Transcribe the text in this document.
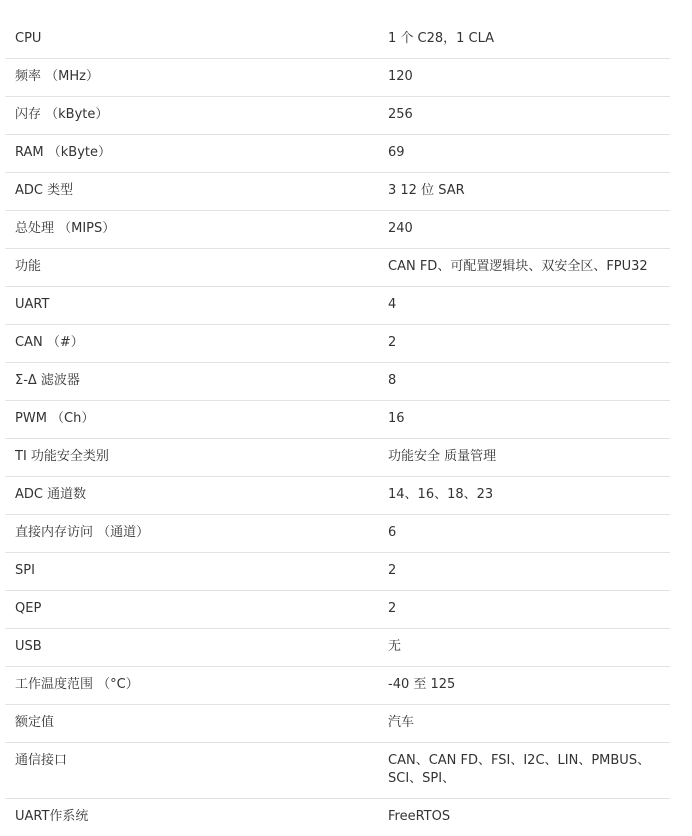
CPU	1 个 C28，1 CLA
频率 （MHz）	120
闪存 （kByte）	256
RAM （kByte）	69
ADC 类型	3 12 位 SAR
总处理 （MIPS）	240
功能	CAN FD、可配置逻辑块、双安全区、FPU32
UART	4
CAN （#）	2
Σ-Δ 滤波器	8
PWM （Ch）	16
TI 功能安全类别	功能安全 质量管理
ADC 通道数	14、16、18、23
直接内存访问 （通道）	6
SPI	2
QEP	2
USB	无
工作温度范围 （°C）	-40 至 125
额定值	汽车
通信接口	CAN、CAN FD、FSI、I2C、LIN、PMBUS、SCI、SPI、
UART作系统	FreeRTOS
